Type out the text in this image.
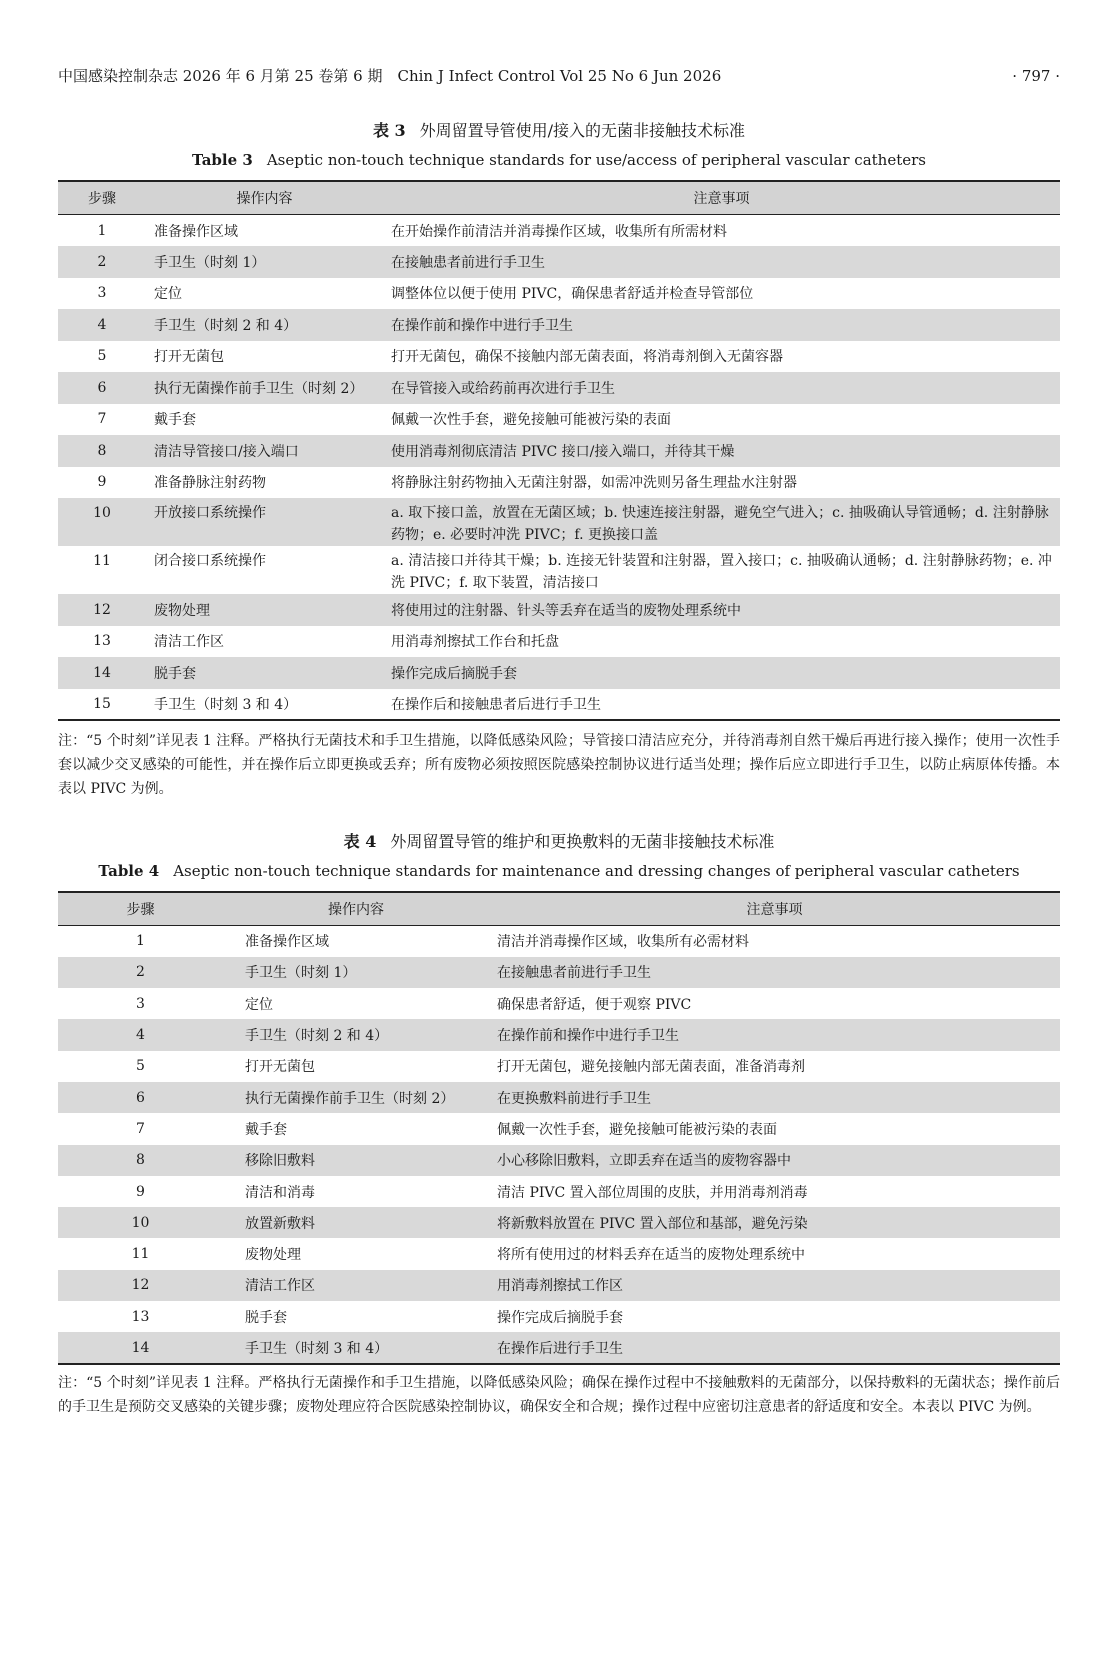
中国感染控制杂志 2026 年 6 月第 25 卷第 6 期　Chin J Infect Control Vol 25 No 6 Jun 2026	· 797 ·
表 3 外周留置导管使用/接入的无菌非接触技术标准
Table 3 Aseptic non-touch technique standards for use/access of peripheral vascular catheters
步骤	操作内容	注意事项
1	准备操作区域	在开始操作前清洁并消毒操作区域，收集所有所需材料
2	手卫生（时刻 1）	在接触患者前进行手卫生
3	定位	调整体位以便于使用 PIVC，确保患者舒适并检查导管部位
4	手卫生（时刻 2 和 4）	在操作前和操作中进行手卫生
5	打开无菌包	打开无菌包，确保不接触内部无菌表面，将消毒剂倒入无菌容器
6	执行无菌操作前手卫生（时刻 2）	在导管接入或给药前再次进行手卫生
7	戴手套	佩戴一次性手套，避免接触可能被污染的表面
8	清洁导管接口/接入端口	使用消毒剂彻底清洁 PIVC 接口/接入端口，并待其干燥
9	准备静脉注射药物	将静脉注射药物抽入无菌注射器，如需冲洗则另备生理盐水注射器
10	开放接口系统操作	a. 取下接口盖，放置在无菌区域；b. 快速连接注射器，避免空气进入；c. 抽吸确认导管通畅；d. 注射静脉药物；e. 必要时冲洗 PIVC；f. 更换接口盖
11	闭合接口系统操作	a. 清洁接口并待其干燥；b. 连接无针装置和注射器，置入接口；c. 抽吸确认通畅；d. 注射静脉药物；e. 冲洗 PIVC；f. 取下装置，清洁接口
12	废物处理	将使用过的注射器、针头等丢弃在适当的废物处理系统中
13	清洁工作区	用消毒剂擦拭工作台和托盘
14	脱手套	操作完成后摘脱手套
15	手卫生（时刻 3 和 4）	在操作后和接触患者后进行手卫生
注：“5 个时刻”详见表 1 注释。严格执行无菌技术和手卫生措施，以降低感染风险；导管接口清洁应充分，并待消毒剂自然干燥后再进行接入操作；使用一次性手套以减少交叉感染的可能性，并在操作后立即更换或丢弃；所有废物必须按照医院感染控制协议进行适当处理；操作后应立即进行手卫生，以防止病原体传播。本表以 PIVC 为例。
表 4 外周留置导管的维护和更换敷料的无菌非接触技术标准
Table 4 Aseptic non-touch technique standards for maintenance and dressing changes of peripheral vascular catheters
步骤	操作内容	注意事项
1	准备操作区域	清洁并消毒操作区域，收集所有必需材料
2	手卫生（时刻 1）	在接触患者前进行手卫生
3	定位	确保患者舒适，便于观察 PIVC
4	手卫生（时刻 2 和 4）	在操作前和操作中进行手卫生
5	打开无菌包	打开无菌包，避免接触内部无菌表面，准备消毒剂
6	执行无菌操作前手卫生（时刻 2）	在更换敷料前进行手卫生
7	戴手套	佩戴一次性手套，避免接触可能被污染的表面
8	移除旧敷料	小心移除旧敷料，立即丢弃在适当的废物容器中
9	清洁和消毒	清洁 PIVC 置入部位周围的皮肤，并用消毒剂消毒
10	放置新敷料	将新敷料放置在 PIVC 置入部位和基部，避免污染
11	废物处理	将所有使用过的材料丢弃在适当的废物处理系统中
12	清洁工作区	用消毒剂擦拭工作区
13	脱手套	操作完成后摘脱手套
14	手卫生（时刻 3 和 4）	在操作后进行手卫生
注：“5 个时刻”详见表 1 注释。严格执行无菌操作和手卫生措施，以降低感染风险；确保在操作过程中不接触敷料的无菌部分，以保持敷料的无菌状态；操作前后的手卫生是预防交叉感染的关键步骤；废物处理应符合医院感染控制协议，确保安全和合规；操作过程中应密切注意患者的舒适度和安全。本表以 PIVC 为例。
